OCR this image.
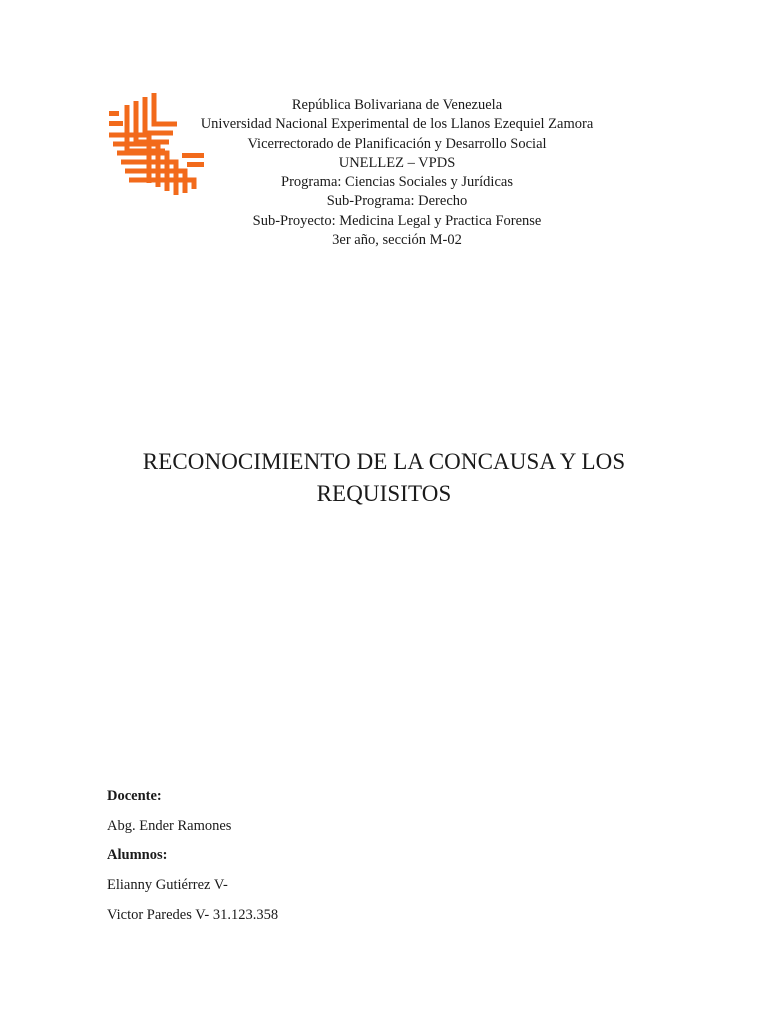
República Bolivariana de Venezuela
Universidad Nacional Experimental de los Llanos Ezequiel Zamora
Vicerrectorado de Planificación y Desarrollo Social
UNELLEZ – VPDS
Programa: Ciencias Sociales y Jurídicas
Sub-Programa: Derecho
Sub-Proyecto: Medicina Legal y Practica Forense
3er año, sección M-02
RECONOCIMIENTO DE LA CONCAUSA Y LOS
REQUISITOS
Docente:
Abg. Ender Ramones
Alumnos:
Elianny Gutiérrez V-
Victor Paredes V- 31.123.358
